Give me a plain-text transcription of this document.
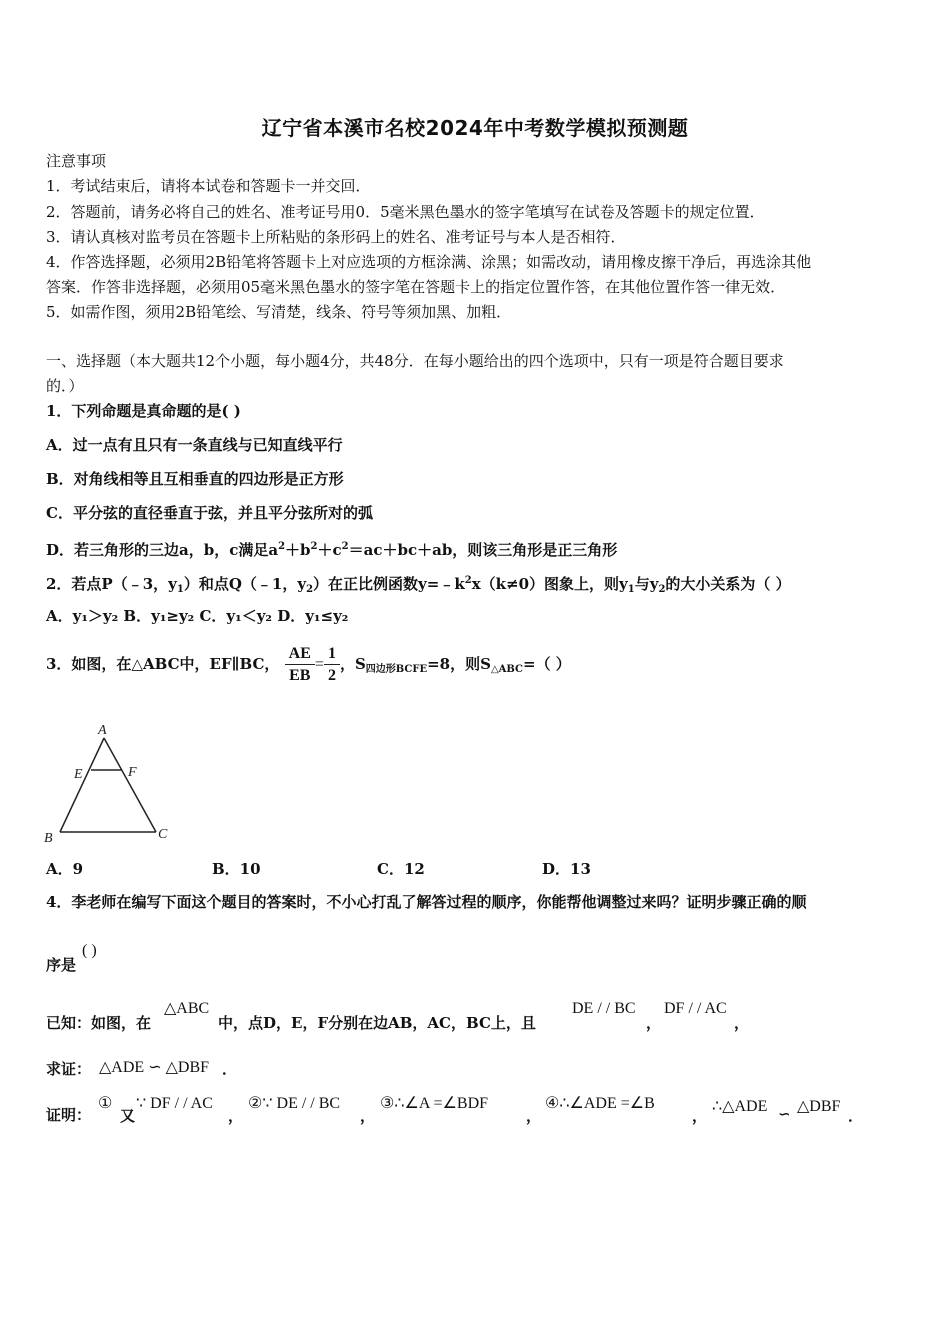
辽宁省本溪市名校2024年中考数学模拟预测题
注意事项
1．考试结束后，请将本试卷和答题卡一并交回．
2．答题前，请务必将自己的姓名、准考证号用0．5毫米黑色墨水的签字笔填写在试卷及答题卡的规定位置．
3．请认真核对监考员在答题卡上所粘贴的条形码上的姓名、准考证号与本人是否相符．
4．作答选择题，必须用2B铅笔将答题卡上对应选项的方框涂满、涂黑；如需改动，请用橡皮擦干净后，再选涂其他
答案．作答非选择题，必须用05毫米黑色墨水的签字笔在答题卡上的指定位置作答，在其他位置作答一律无效．
5．如需作图，须用2B铅笔绘、写清楚，线条、符号等须加黑、加粗．
一、选择题（本大题共12个小题，每小题4分，共48分．在每小题给出的四个选项中，只有一项是符合题目要求
的．）
1．下列命题是真命题的是( )
A．过一点有且只有一条直线与已知直线平行
B．对角线相等且互相垂直的四边形是正方形
C．平分弦的直径垂直于弦，并且平分弦所对的弧
D．若三角形的三边a，b，c满足$a^2+b^2+c^2=ac+bc+ab$，则该三角形是正三角形
2．若点P（﹣3，$y_1$）和点Q（﹣1，$y_2$）在正比例函数$y=﹣k^2x(k\ne 0)$图象上，则$y_1$与$y_2$的大小关系为（ ）
A．y₁＞y₂ B．y₁≥y₂ C．y₁＜y₂ D．y₁≤y₂
3．如图，在△ABC中，EF∥BC， $\frac{AE}{EB} = \frac{1}{2}$ ，$S_{四边形BCFE}=8$，则$S_{\triangle ABC}=$（ ）
A
E	F
B	C
A．9	B．10	C．12	D．13
4．李老师在编写下面这个题目的答案时，不小心打乱了解答过程的顺序，你能帮他调整过来吗？证明步骤正确的顺
序是
( )
已知：如图，在
△ABC
中，点D，E，F分别在边AB，AC，BC上，且
DE / / BC
，
DF / / AC
，
求证： △ADE ∽ △DBF ．
证明：
①
又
∵ DF / / AC
，
②∵ DE / / BC
，
③∴∠A =∠BDF
，
④∴∠ADE =∠B
，
∴△ADE ∽ △DBF
．
